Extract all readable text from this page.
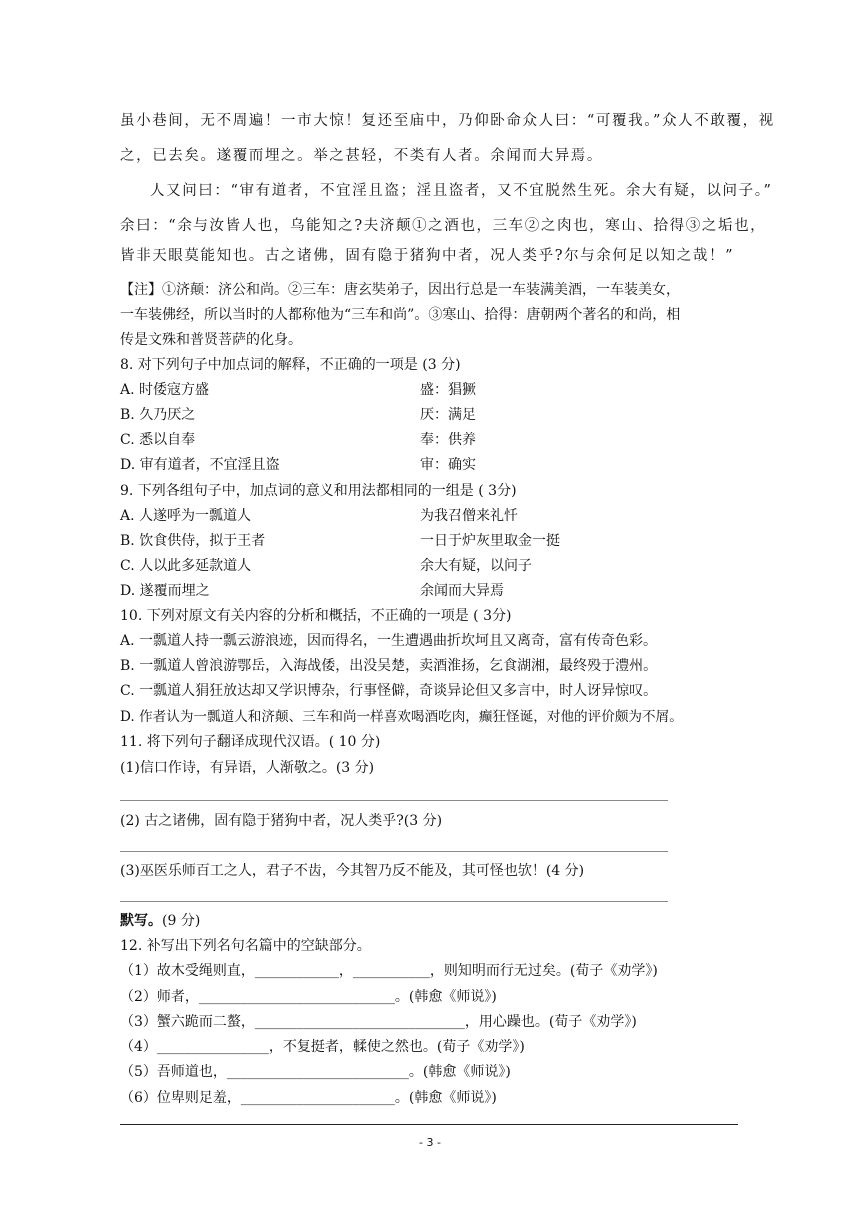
虽小巷间，无不周遍！一市大惊！复还至庙中，乃仰卧命众人曰：“可覆我。”众人不敢覆，视
之，已去矣。遂覆而埋之。举之甚轻，不类有人者。余闻而大异焉。
人又问曰：“审有道者，不宜淫且盗；淫且盗者，又不宜脱然生死。余大有疑，以问子。”
余曰：“余与汝皆人也，乌能知之?夫济颠①之酒也，三车②之肉也，寒山、拾得③之垢也，
皆非天眼莫能知也。古之诸佛，固有隐于猪狗中者，况人类乎?尔与余何足以知之哉！”
【注】①济颠：济公和尚。②三车：唐玄奘弟子，因出行总是一车装满美酒，一车装美女，
一车装佛经，所以当时的人都称他为“三车和尚”。③寒山、拾得：唐朝两个著名的和尚，相
传是文殊和普贤菩萨的化身。
8. 对下列句子中加点词的解释，不正确的一项是 (3 分)
A. 时倭寇方盛	盛：猖獗
B. 久乃厌之	厌：满足
C. 悉以自奉	奉：供养
D. 审有道者，不宜淫且盗	审：确实
9. 下列各组句子中，加点词的意义和用法都相同的一组是 ( 3分)
A. 人遂呼为一瓢道人	为我召僧来礼忏
B. 饮食供侍，拟于王者	一日于炉灰里取金一挺
C. 人以此多延款道人	余大有疑，以问子
D. 遂覆而埋之	余闻而大异焉
10. 下列对原文有关内容的分析和概括，不正确的一项是 ( 3分)
A. 一瓢道人持一瓢云游浪迹，因而得名，一生遭遇曲折坎坷且又离奇，富有传奇色彩。
B. 一瓢道人曾浪游鄂岳，入海战倭，出没吴楚，卖酒淮扬，乞食湖湘，最终殁于澧州。
C. 一瓢道人狷狂放达却又学识博杂，行事怪僻，奇谈异论但又多言中，时人讶异惊叹。
D. 作者认为一瓢道人和济颠、三车和尚一样喜欢喝酒吃肉，癫狂怪诞，对他的评价颇为不屑。
11. 将下列句子翻译成现代汉语。( 10 分)
(1)信口作诗，有异语，人渐敬之。(3 分)
(2) 古之诸佛，固有隐于猪狗中者，况人类乎?(3 分)
(3)巫医乐师百工之人，君子不齿，今其智乃反不能及，其可怪也欤！(4 分)
默写。(9 分)
12. 补写出下列名句名篇中的空缺部分。
（1）故木受绳则直，____________，___________，则知明而行无过矣。(荀子《劝学》)
（2）师者，____________________________。(韩愈《师说》)
（3）蟹六跪而二螯，______________________________，用心躁也。(荀子《劝学》)
（4）________________，不复挺者，輮使之然也。(荀子《劝学》)
（5）吾师道也，__________________________。(韩愈《师说》)
（6）位卑则足羞，______________________。(韩愈《师说》)
- 3 -
